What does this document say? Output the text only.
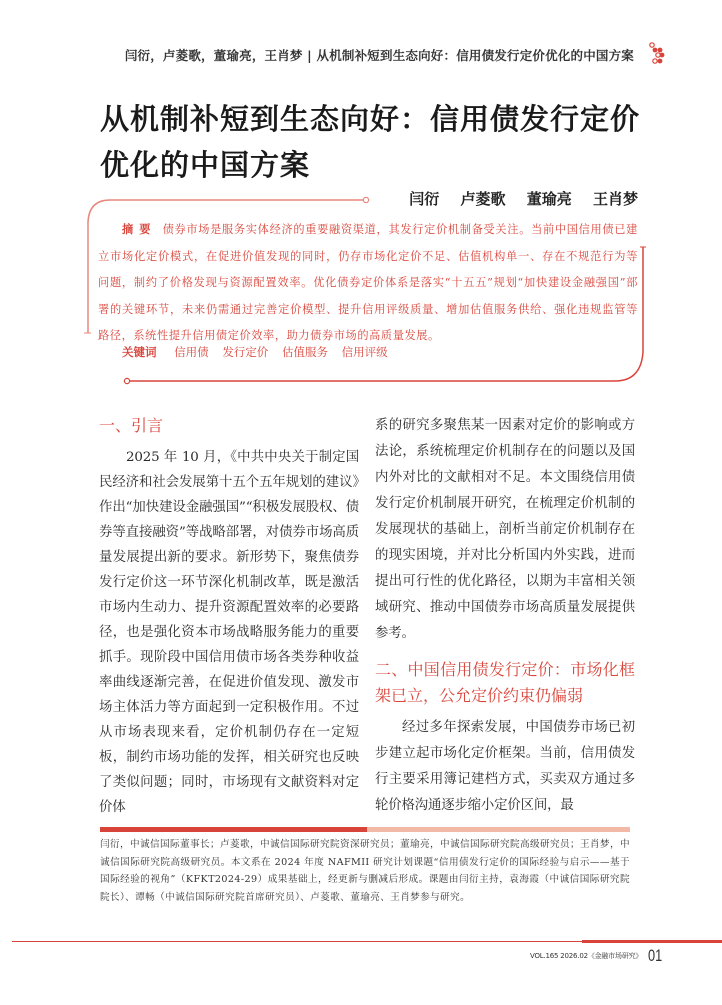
闫衍，卢菱歌，董瑜亮，王肖梦 | 从机制补短到生态向好：信用债发行定价优化的中国方案
从机制补短到生态向好：信用债发行定价
优化的中国方案
闫衍 卢菱歌 董瑜亮 王肖梦
摘要 债券市场是服务实体经济的重要融资渠道，其发行定价机制备受关注。当前中国信用债已建立市场化定价模式，在促进价值发现的同时，仍存市场化定价不足、估值机构单一、存在不规范行为等问题，制约了价格发现与资源配置效率。优化债券定价体系是落实“十五五”规划“加快建设金融强国”部署的关键环节，未来仍需通过完善定价模型、提升信用评级质量、增加估值服务供给、强化违规监管等路径，系统性提升信用债定价效率，助力债券市场的高质量发展。
关键词 信用债 发行定价 估值服务 信用评级
一、引言

2025 年 10 月，《中共中央关于制定国民经济和社会发展第十五个五年规划的建议》作出“加快建设金融强国”“积极发展股权、债券等直接融资”等战略部署，对债券市场高质量发展提出新的要求。新形势下，聚焦债券发行定价这一环节深化机制改革，既是激活市场内生动力、提升资源配置效率的必要路径，也是强化资本市场战略服务能力的重要抓手。现阶段中国信用债市场各类券种收益率曲线逐渐完善，在促进价值发现、激发市场主体活力等方面起到一定积极作用。不过从市场表现来看，定价机制仍存在一定短板，制约市场功能的发挥，相关研究也反映了类似问题；同时，市场现有文献资料对定价体

系的研究多聚焦某一因素对定价的影响或方法论，系统梳理定价机制存在的问题以及国内外对比的文献相对不足。本文围绕信用债发行定价机制展开研究，在梳理定价机制的发展现状的基础上，剖析当前定价机制存在的现实困境，并对比分析国内外实践，进而提出可行性的优化路径，以期为丰富相关领域研究、推动中国债券市场高质量发展提供参考。

二、中国信用债发行定价：市场化框架已立，公允定价约束仍偏弱

经过多年探索发展，中国债券市场已初步建立起市场化定价框架。当前，信用债发行主要采用簿记建档方式，买卖双方通过多轮价格沟通逐步缩小定价区间，最

闫衍，中诚信国际董事长；卢菱歌，中诚信国际研究院资深研究员；董瑜亮，中诚信国际研究院高级研究员；王肖梦，中诚信国际研究院高级研究员。本文系在 2024 年度 NAFMII 研究计划课题“信用债发行定价的国际经验与启示——基于国际经验的视角”（KFKT2024-29）成果基础上，经更新与删减后形成。课题由闫衍主持，袁海霞（中诚信国际研究院院长）、谭畅（中诚信国际研究院首席研究员）、卢菱歌、董瑜亮、王肖梦参与研究。
VOL.165 2026.02《金融市场研究》 01
